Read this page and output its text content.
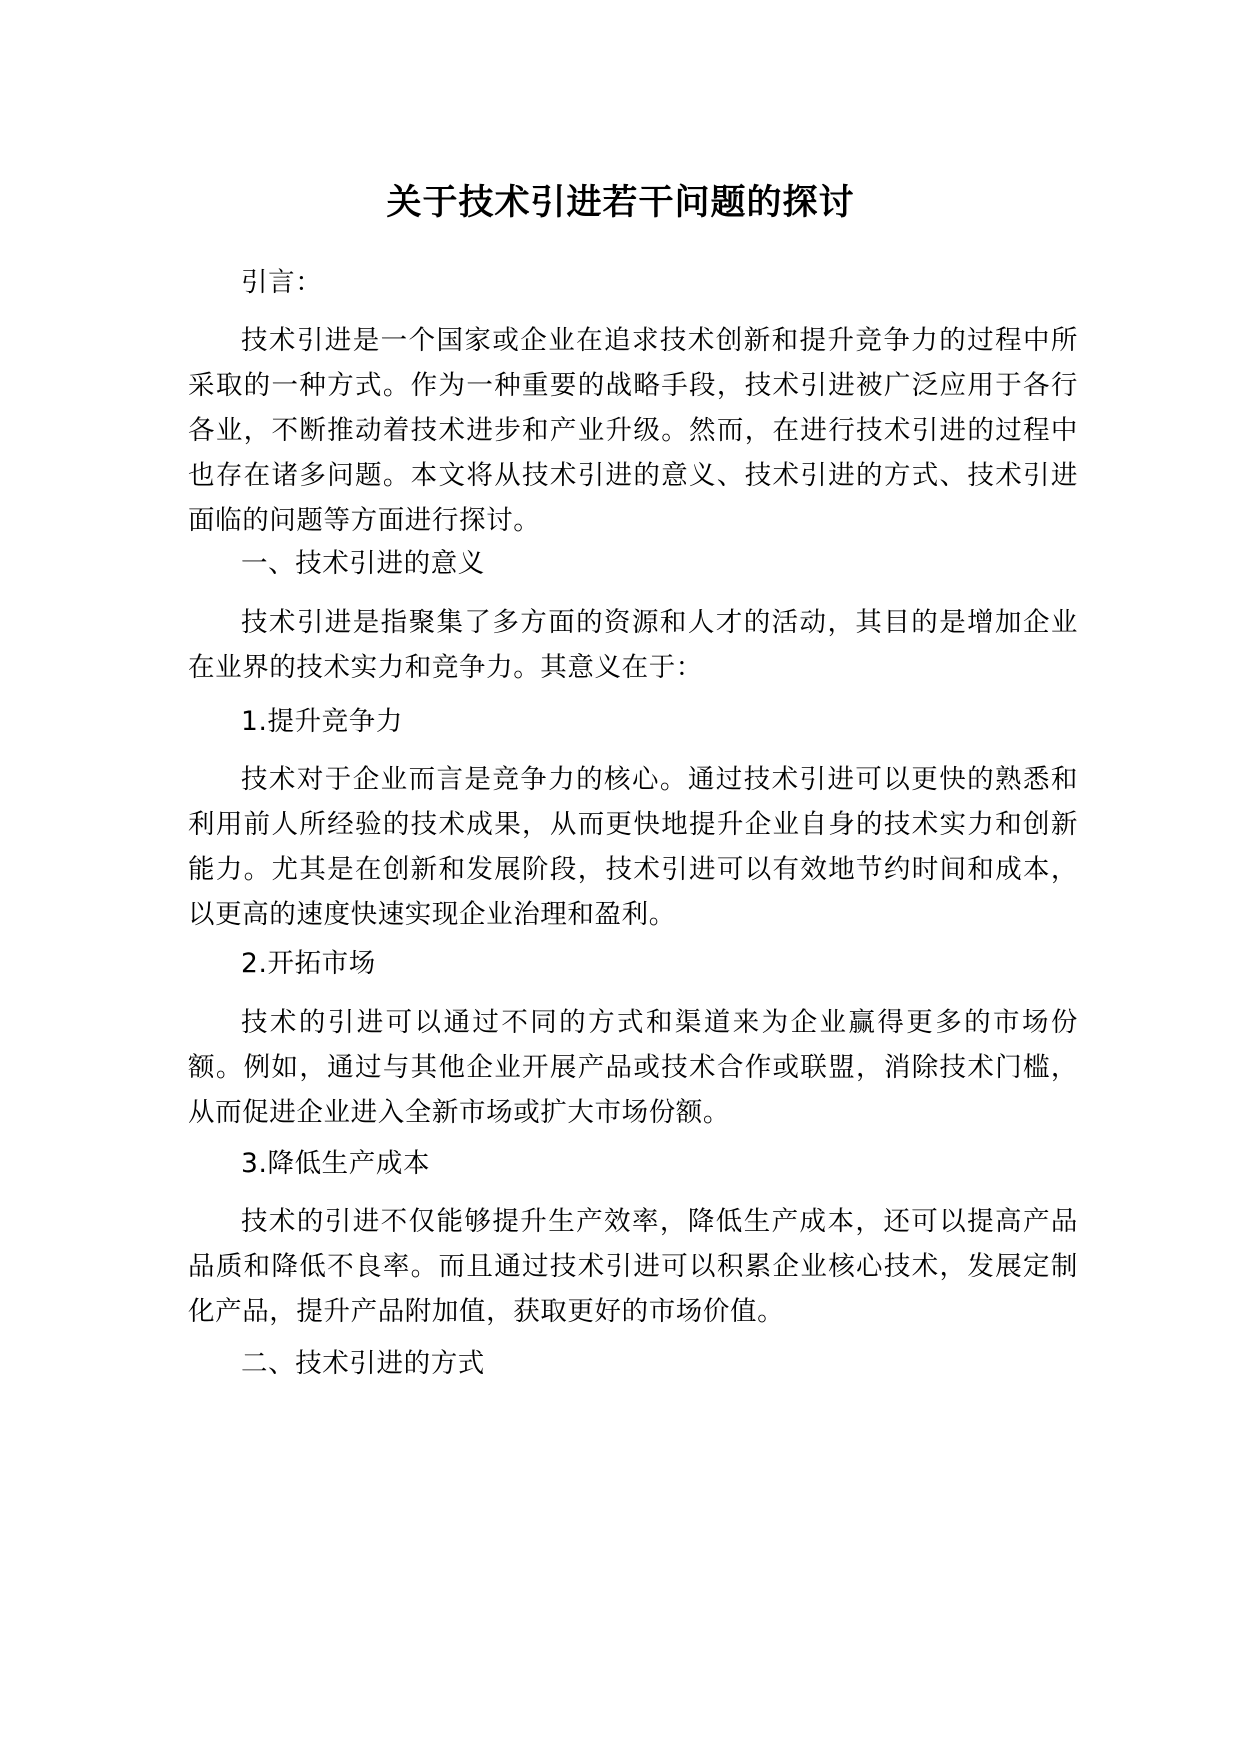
关于技术引进若干问题的探讨

引言：

技术引进是一个国家或企业在追求技术创新和提升竞争力的过程中所采取的一种方式。作为一种重要的战略手段，技术引进被广泛应用于各行各业，不断推动着技术进步和产业升级。然而，在进行技术引进的过程中也存在诸多问题。本文将从技术引进的意义、技术引进的方式、技术引进面临的问题等方面进行探讨。

一、技术引进的意义

技术引进是指聚集了多方面的资源和人才的活动，其目的是增加企业在业界的技术实力和竞争力。其意义在于：

1.提升竞争力

技术对于企业而言是竞争力的核心。通过技术引进可以更快的熟悉和利用前人所经验的技术成果，从而更快地提升企业自身的技术实力和创新能力。尤其是在创新和发展阶段，技术引进可以有效地节约时间和成本，以更高的速度快速实现企业治理和盈利。

2.开拓市场

技术的引进可以通过不同的方式和渠道来为企业赢得更多的市场份额。例如，通过与其他企业开展产品或技术合作或联盟，消除技术门槛，从而促进企业进入全新市场或扩大市场份额。

3.降低生产成本

技术的引进不仅能够提升生产效率，降低生产成本，还可以提高产品品质和降低不良率。而且通过技术引进可以积累企业核心技术，发展定制化产品，提升产品附加值，获取更好的市场价值。

二、技术引进的方式
